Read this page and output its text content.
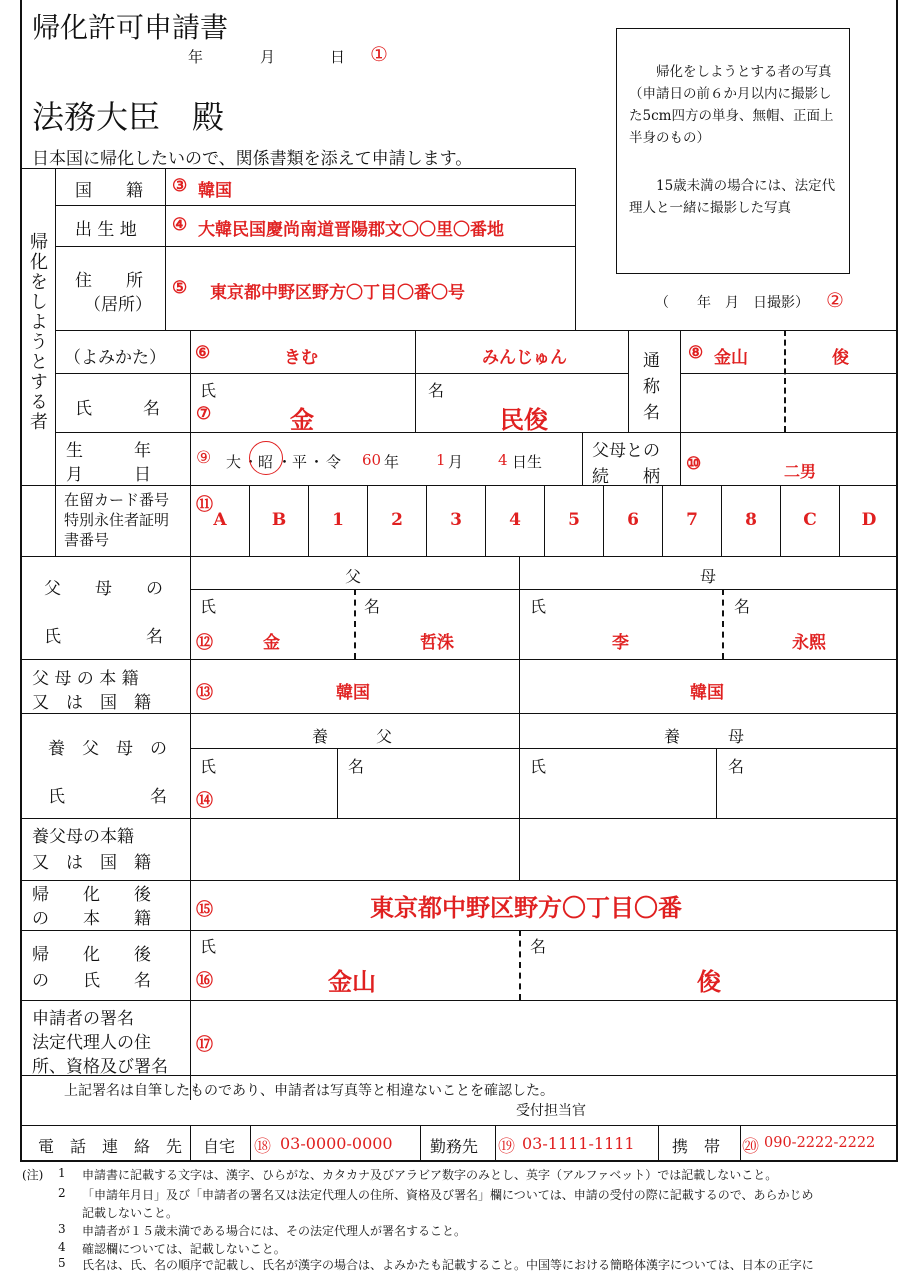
帰化許可申請書
年	月	日 ①
法務大臣　殿
日本国に帰化したいので、関係書類を添えて申請します。
帰化をしようとする者の写真（申請日の前６か月以内に撮影した5cm四方の単身、無帽、正面上半身のもの）
15歳未満の場合には、法定代理人と一緒に撮影した写真
（　　年　月　日撮影） ②
帰化をしようとする者
国　　籍 ③ 韓国
出 生 地 ④ 大韓民国慶尚南道晋陽郡文〇〇里〇番地
住　　所
（居所）
⑤ 東京都中野区野方〇丁目〇番〇号
（よみかた） ⑥	きむ	みんじゅん	通
称
名
⑧ 金山	俊
氏　　　名
氏	名
⑦	金	民俊
生　　　年
月　　　日
⑨ 大 ・ 昭 ・ 平 ・ 令 60 年 1 月 4 日生
父母との
続　　柄
⑩	二男
在留カード番号
特別永住者証明
書番号
⑪
A	B	1	2	3	4	5	6	7	8	C	D
父　　母　　の
氏　　　　　名
父	母
氏	名	氏	名
⑫	金	哲洙	李	永熙
父 母 の 本 籍
又　は　国　籍	⑬	韓国	韓国
養　父　母　の
氏　　　　　名
養　　　父	養　　　母
氏	名	氏	名
⑭
養父母の本籍
又　は　国　籍
帰　　化　　後
の　　本　　籍	⑮	東京都中野区野方〇丁目〇番
帰　　化　　後
の　　氏　　名
氏	名
⑯	金山	俊
申請者の署名
法定代理人の住
所、資格及び署名
⑰
上記署名は自筆したものであり、申請者は写真等と相違ないことを確認した。
受付担当官
電　話　連　絡　先 自宅 ⑱ 03-0000-0000 勤務先 ⑲ 03-1111-1111 携　帯 ⑳ 090-2222-2222
(注) 1 申請書に記載する文字は、漢字、ひらがな、カタカナ及びアラビア数字のみとし、英字（アルファベット）では記載しないこと。
2 「申請年月日」及び「申請者の署名又は法定代理人の住所、資格及び署名」欄については、申請の受付の際に記載するので、あらかじめ
記載しないこと。
3 申請者が１５歳未満である場合には、その法定代理人が署名すること。
4 確認欄については、記載しないこと。
5 氏名は、氏、名の順序で記載し、氏名が漢字の場合は、よみかたも記載すること。中国等における簡略体漢字については、日本の正字に
